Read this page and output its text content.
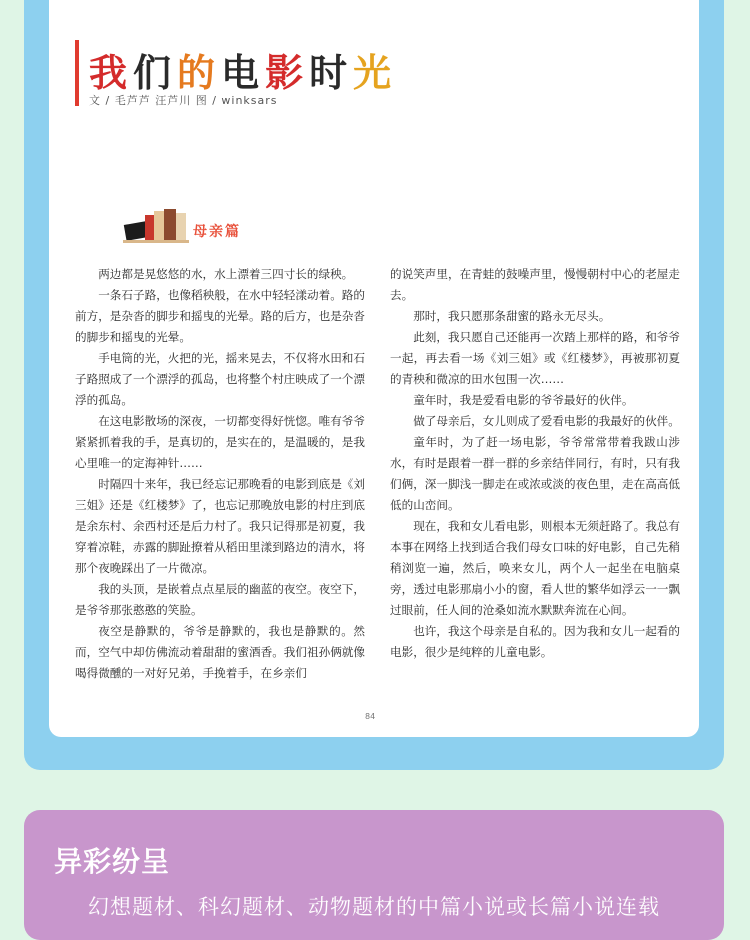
我们的电影时光
文 / 毛芦芦 汪芦川 图 / winksars
母亲篇

两边都是晃悠悠的水，水上漂着三四寸长的绿秧。

一条石子路，也像稻秧般，在水中轻轻漾动着。路的前方，是杂沓的脚步和摇曳的光晕。路的后方，也是杂沓的脚步和摇曳的光晕。

手电筒的光，火把的光，摇来晃去，不仅将水田和石子路照成了一个漂浮的孤岛，也将整个村庄映成了一个漂浮的孤岛。

在这电影散场的深夜，一切都变得好恍惚。唯有爷爷紧紧抓着我的手，是真切的，是实在的，是温暖的，是我心里唯一的定海神针……

时隔四十来年，我已经忘记那晚看的电影到底是《刘三姐》还是《红楼梦》了，也忘记那晚放电影的村庄到底是余东村、余西村还是后力村了。我只记得那是初夏，我穿着凉鞋，赤露的脚趾撩着从稻田里漾到路边的清水，将那个夜晚踩出了一片微凉。

我的头顶，是嵌着点点星辰的幽蓝的夜空。夜空下，是爷爷那张憨憨的笑脸。

夜空是静默的，爷爷是静默的，我也是静默的。然而，空气中却仿佛流动着甜甜的蜜酒香。我们祖孙俩就像喝得微醺的一对好兄弟，手挽着手，在乡亲们

的说笑声里，在青蛙的鼓噪声里，慢慢朝村中心的老屋走去。

那时，我只愿那条甜蜜的路永无尽头。

此刻，我只愿自己还能再一次踏上那样的路，和爷爷一起，再去看一场《刘三姐》或《红楼梦》，再被那初夏的青秧和微凉的田水包围一次……

童年时，我是爱看电影的爷爷最好的伙伴。

做了母亲后，女儿则成了爱看电影的我最好的伙伴。

童年时，为了赶一场电影，爷爷常常带着我跋山涉水，有时是跟着一群一群的乡亲结伴同行，有时，只有我们俩，深一脚浅一脚走在或浓或淡的夜色里，走在高高低低的山峦间。

现在，我和女儿看电影，则根本无须赶路了。我总有本事在网络上找到适合我们母女口味的好电影，自己先稍稍浏览一遍，然后，唤来女儿，两个人一起坐在电脑桌旁，透过电影那扇小小的窗，看人世的繁华如浮云一一飘过眼前，任人间的沧桑如流水默默奔流在心间。

也许，我这个母亲是自私的。因为我和女儿一起看的电影，很少是纯粹的儿童电影。

84
异彩纷呈
幻想题材、科幻题材、动物题材的中篇小说或长篇小说连载
